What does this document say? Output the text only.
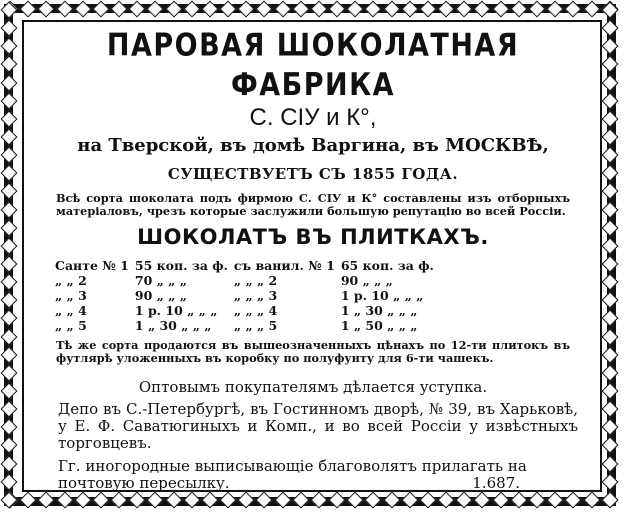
ПАРОВАЯ ШОКОЛАТНАЯ ФАБРИКА
С. СІУ и К°,
на Тверской, въ домѣ Варгина, въ МОСКВѢ,
СУЩЕСТВУЕТЪ СЪ 1855 ГОДА.
Всѣ сорта шоколата подъ фирмою С. СІУ и К° составлены изъ отборныхъ матеріаловъ, чрезъ которые заслужили большую репутацію во всей Россіи.
ШОКОЛАТЪ ВЪ ПЛИТКАХЪ.
Санте № 1	55 коп. за ф.	съ ванил. № 1	65 коп. за ф.
„ „ 2	70 „ „ „	„ „ „ 2	90 „ „ „
„ „ 3	90 „ „ „	„ „ „ 3	1 р. 10 „ „ „
„ „ 4	1 р. 10 „ „ „	„ „ „ 4	1 „ 30 „ „ „
„ „ 5	1 „ 30 „ „ „	„ „ „ 5	1 „ 50 „ „ „
Тѣ же сорта продаются въ вышеозначенныхъ цѣнахъ по 12-ти плитокъ въ футлярѣ уложенныхъ въ коробку по полуфунту для 6-ти чашекъ.
Оптовымъ покупателямъ дѣлается уступка.
Депо въ С.-Петербургѣ, въ Гостинномъ дворѣ, № 39, въ Харьковѣ, у Е. Ф. Саватюгиныхъ и Комп., и во всей Россіи у извѣстныхъ торговцевъ.
Гг. иногородные выписывающіе благоволятъ прилагать на почтовую пересылку.	1.687.
